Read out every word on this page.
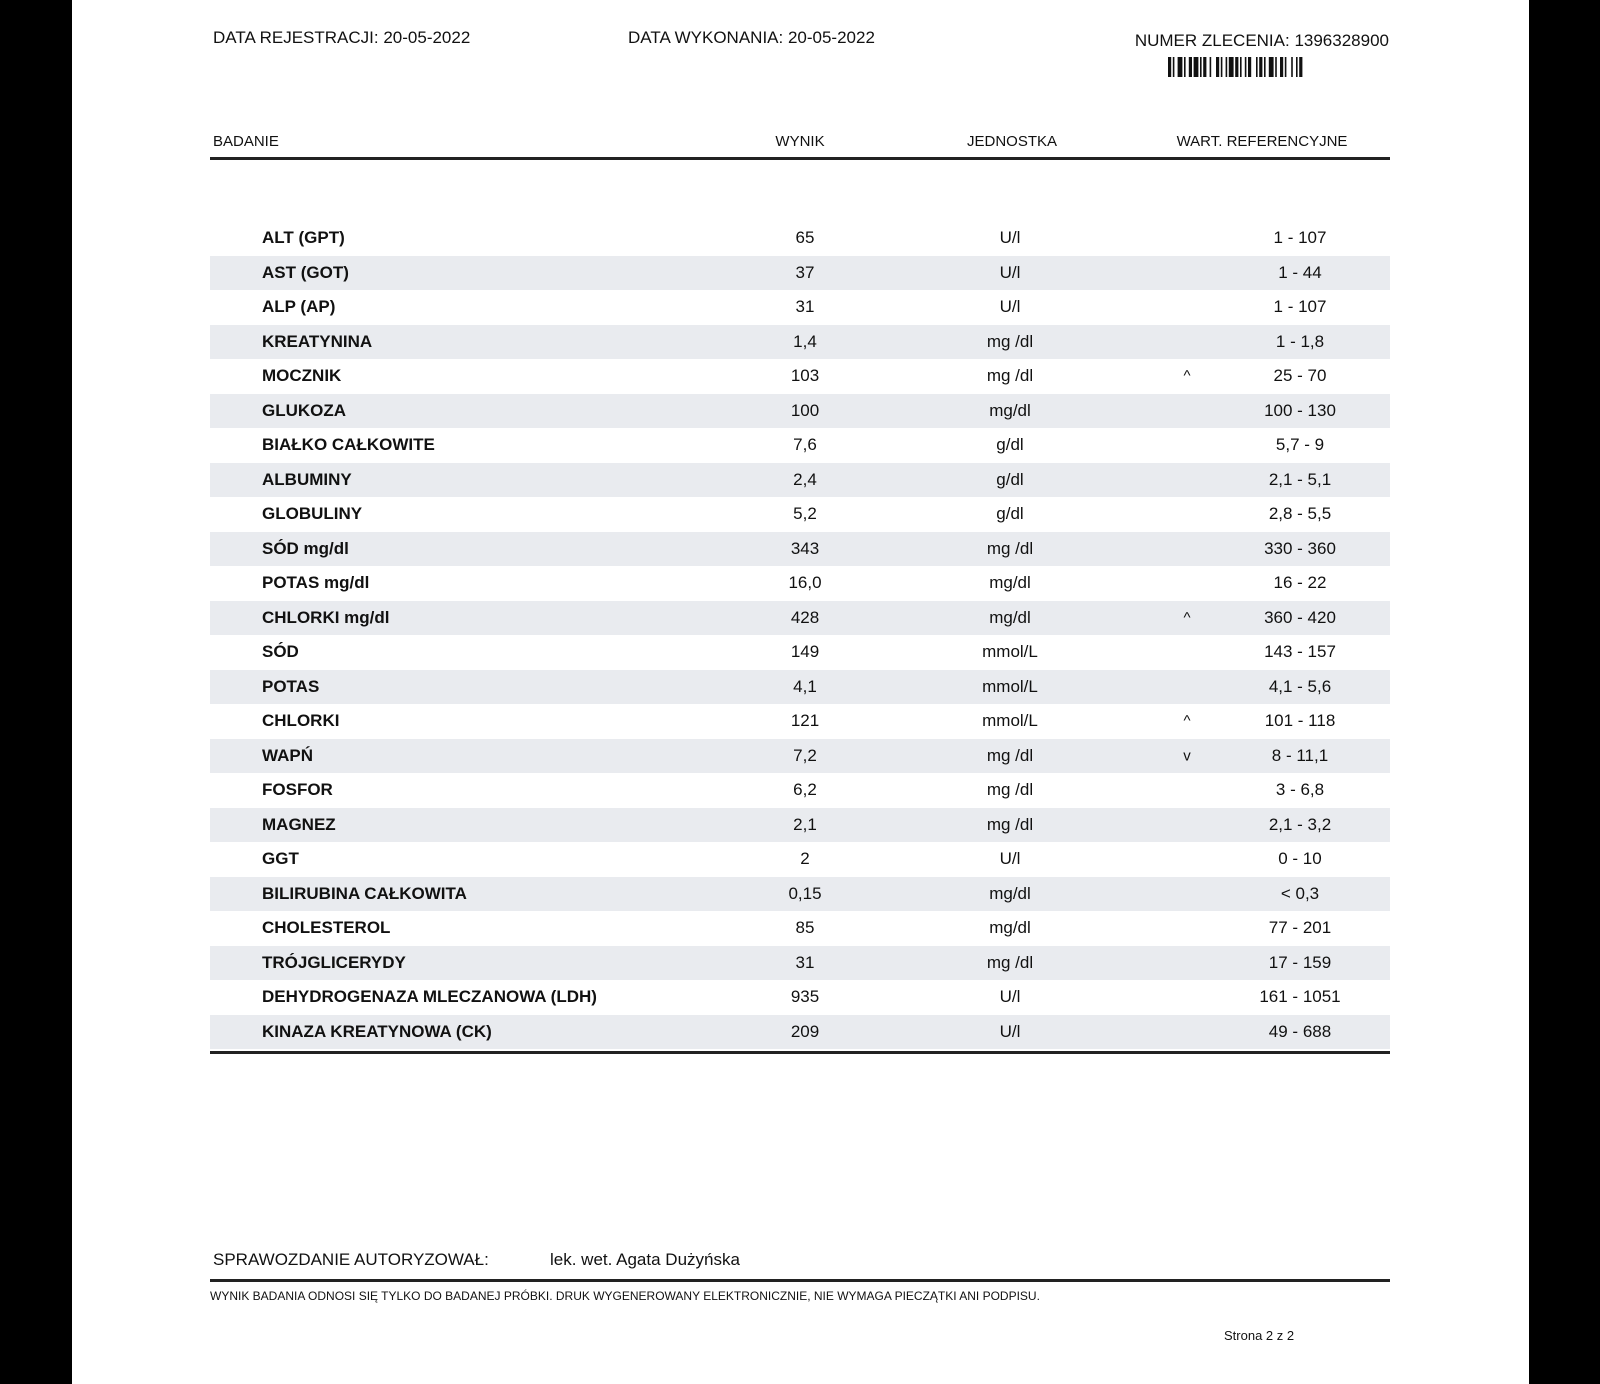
DATA REJESTRACJI: 20-05-2022	DATA WYKONANIA: 20-05-2022	NUMER ZLECENIA: 1396328900
BADANIE	WYNIK	JEDNOSTKA	WART. REFERENCYJNE
ALT (GPT)	65	U/l	1 - 107
AST (GOT)	37	U/l	1 - 44
ALP (AP)	31	U/l	1 - 107
KREATYNINA	1,4	mg /dl	1 - 1,8
MOCZNIK	103	mg /dl	^	25 - 70
GLUKOZA	100	mg/dl	100 - 130
BIAŁKO CAŁKOWITE	7,6	g/dl	5,7 - 9
ALBUMINY	2,4	g/dl	2,1 - 5,1
GLOBULINY	5,2	g/dl	2,8 - 5,5
SÓD mg/dl	343	mg /dl	330 - 360
POTAS mg/dl	16,0	mg/dl	16 - 22
CHLORKI mg/dl	428	mg/dl	^	360 - 420
SÓD	149	mmol/L	143 - 157
POTAS	4,1	mmol/L	4,1 - 5,6
CHLORKI	121	mmol/L	^	101 - 118
WAPŃ	7,2	mg /dl	v	8 - 11,1
FOSFOR	6,2	mg /dl	3 - 6,8
MAGNEZ	2,1	mg /dl	2,1 - 3,2
GGT	2	U/l	0 - 10
BILIRUBINA CAŁKOWITA	0,15	mg/dl	< 0,3
CHOLESTEROL	85	mg/dl	77 - 201
TRÓJGLICERYDY	31	mg /dl	17 - 159
DEHYDROGENAZA MLECZANOWA (LDH)	935	U/l	161 - 1051
KINAZA KREATYNOWA (CK)	209	U/l	49 - 688
SPRAWOZDANIE AUTORYZOWAŁ:	lek. wet. Agata Dużyńska
WYNIK BADANIA ODNOSI SIĘ TYLKO DO BADANEJ PRÓBKI. DRUK WYGENEROWANY ELEKTRONICZNIE, NIE WYMAGA PIECZĄTKI ANI PODPISU.
Strona 2 z 2
